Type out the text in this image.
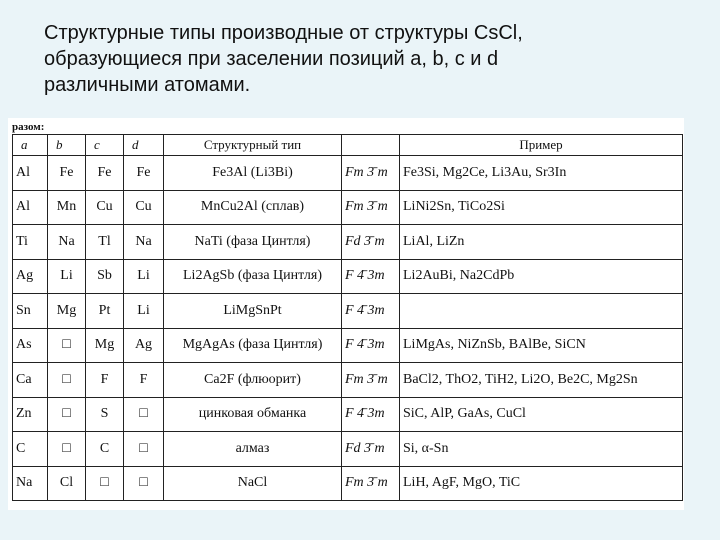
Структурные типы производные от структуры CsCl,
образующиеся при заселении позиций a, b, c и d
различными атомами.
разом:
a	b	c	d	Структурный тип		Пример
Al	Fe	Fe	Fe	Fe3Al (Li3Bi)	Fm 3̄ m	Fe3Si, Mg2Ce, Li3Au, Sr3In
Al	Mn	Cu	Cu	MnCu2Al (сплав)	Fm 3̄ m	LiNi2Sn, TiCo2Si
Ti	Na	Tl	Na	NaTi (фаза Цинтля)	Fd 3̄ m	LiAl, LiZn
Ag	Li	Sb	Li	Li2AgSb (фаза Цинтля)	F 4̄ 3m	Li2AuBi, Na2CdPb
Sn	Mg	Pt	Li	LiMgSnPt	F 4̄ 3m	
As	□	Mg	Ag	MgAgAs (фаза Цинтля)	F 4̄ 3m	LiMgAs, NiZnSb, BAlBe, SiCN
Ca	□	F	F	Ca2F (флюорит)	Fm 3̄ m	BaCl2, ThO2, TiH2, Li2O, Be2C, Mg2Sn
Zn	□	S	□	цинковая обманка	F 4̄ 3m	SiC, AlP, GaAs, CuCl
C	□	C	□	алмаз	Fd 3̄ m	Si, α-Sn
Na	Cl	□	□	NaCl	Fm 3̄ m	LiH, AgF, MgO, TiC
